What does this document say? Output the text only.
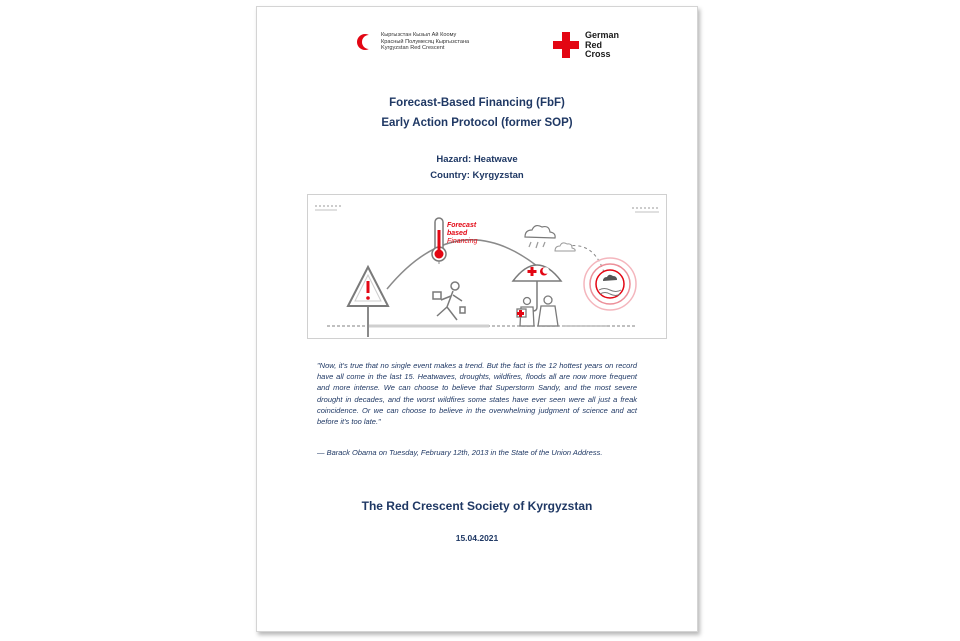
Кыргызстан Кызыл Ай Коому
Красный Полумесяц Кыргызстана
Kyrgyzstan Red Crescent
German
Red
Cross
Forecast-Based Financing (FbF)
Early Action Protocol (former SOP)
Hazard: Heatwave
Country: Kyrgyzstan
Forecast
based
Financing
"Now, it's true that no single event makes a trend. But the fact is the 12 hottest years on record have all come in the last 15. Heatwaves, droughts, wildfires, floods all are now more frequent and more intense. We can choose to believe that Superstorm Sandy, and the most severe drought in decades, and the worst wildfires some states have ever seen were all just a freak coincidence. Or we can choose to believe in the overwhelming judgment of science and act before it's too late."
— Barack Obama on Tuesday, February 12th, 2013 in the State of the Union Address.
The Red Crescent Society of Kyrgyzstan
15.04.2021
